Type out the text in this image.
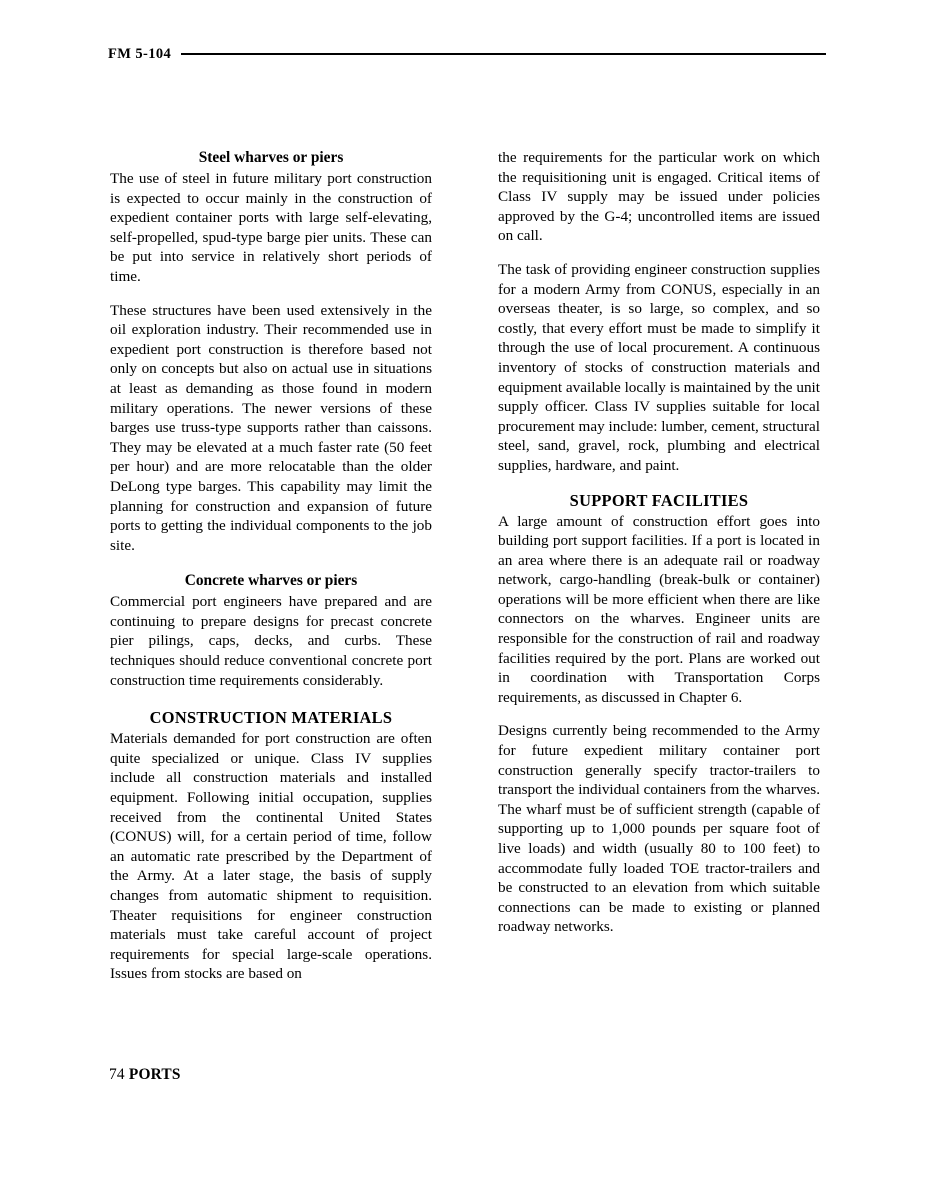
FM 5-104
Steel wharves or piers

The use of steel in future military port construction is expected to occur mainly in the construction of expedient container ports with large self-elevating, self-propelled, spud-type barge pier units. These can be put into service in relatively short periods of time.

These structures have been used extensively in the oil exploration industry. Their recommended use in expedient port construction is therefore based not only on concepts but also on actual use in situations at least as demanding as those found in modern military operations. The newer versions of these barges use truss-type supports rather than caissons. They may be elevated at a much faster rate (50 feet per hour) and are more relocatable than the older DeLong type barges. This capability may limit the planning for construction and expansion of future ports to getting the individual components to the job site.

Concrete wharves or piers

Commercial port engineers have prepared and are continuing to prepare designs for precast concrete pier pilings, caps, decks, and curbs. These techniques should reduce conventional concrete port construction time requirements considerably.

CONSTRUCTION MATERIALS

Materials demanded for port construction are often quite specialized or unique. Class IV supplies include all construction materials and installed equipment. Following initial occupation, supplies received from the continental United States (CONUS) will, for a certain period of time, follow an automatic rate prescribed by the Department of the Army. At a later stage, the basis of supply changes from automatic shipment to requisition. Theater requisitions for engineer construction materials must take careful account of project requirements for special large-scale operations. Issues from stocks are based on

the requirements for the particular work on which the requisitioning unit is engaged. Critical items of Class IV supply may be issued under policies approved by the G-4; uncontrolled items are issued on call.

The task of providing engineer construction supplies for a modern Army from CONUS, especially in an overseas theater, is so large, so complex, and so costly, that every effort must be made to simplify it through the use of local procurement. A continuous inventory of stocks of construction materials and equipment available locally is maintained by the unit supply officer. Class IV supplies suitable for local procurement may include: lumber, cement, structural steel, sand, gravel, rock, plumbing and electrical supplies, hardware, and paint.

SUPPORT FACILITIES

A large amount of construction effort goes into building port support facilities. If a port is located in an area where there is an adequate rail or roadway network, cargo-handling (break-bulk or container) operations will be more efficient when there are like connectors on the wharves. Engineer units are responsible for the construction of rail and roadway facilities required by the port. Plans are worked out in coordination with Transportation Corps requirements, as discussed in Chapter 6.

Designs currently being recommended to the Army for future expedient military container port construction generally specify tractor-trailers to transport the individual containers from the wharves. The wharf must be of sufficient strength (capable of supporting up to 1,000 pounds per square foot of live loads) and width (usually 80 to 100 feet) to accommodate fully loaded TOE tractor-trailers and be constructed to an elevation from which suitable connections can be made to existing or planned roadway networks.

74 PORTS
